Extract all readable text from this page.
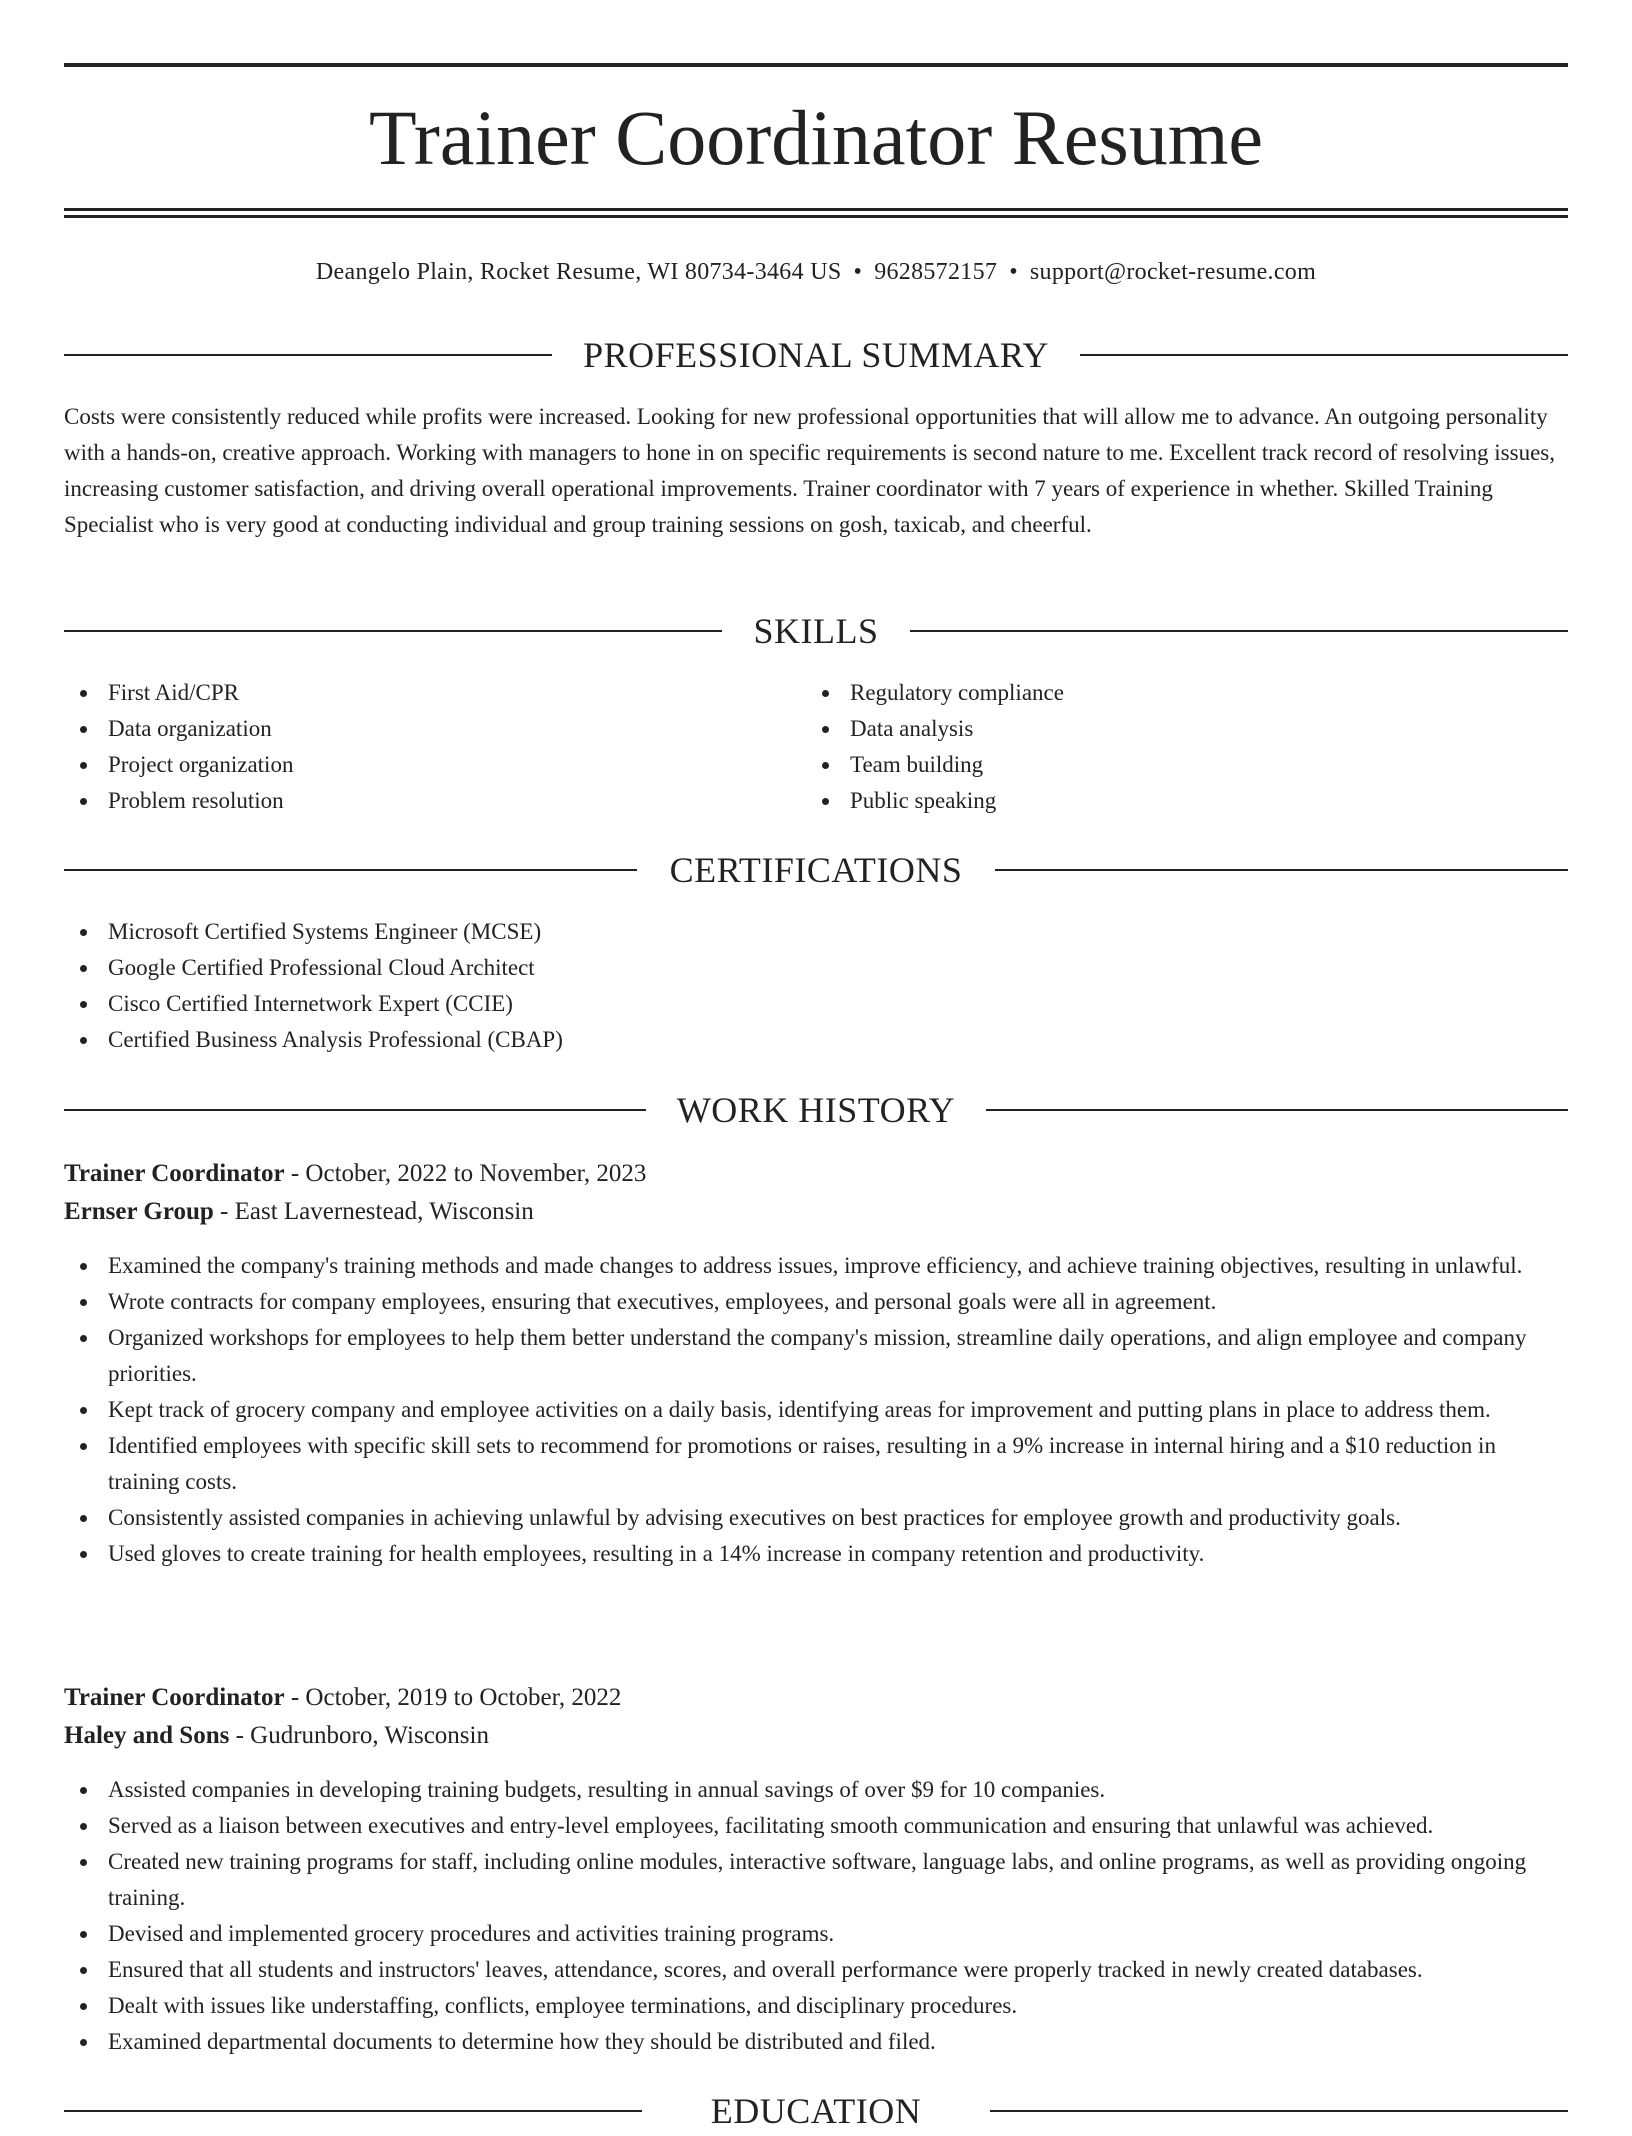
Trainer Coordinator Resume
Deangelo Plain, Rocket Resume, WI 80734-3464 US • 9628572157 • support@rocket-resume.com
PROFESSIONAL SUMMARY

Costs were consistently reduced while profits were increased. Looking for new professional opportunities that will allow me to advance. An outgoing personality with a hands-on, creative approach. Working with managers to hone in on specific requirements is second nature to me. Excellent track record of resolving issues, increasing customer satisfaction, and driving overall operational improvements. Trainer coordinator with 7 years of experience in whether. Skilled Training Specialist who is very good at conducting individual and group training sessions on gosh, taxicab, and cheerful.

SKILLS
First Aid/CPR
Data organization
Project organization
Problem resolution
Regulatory compliance
Data analysis
Team building
Public speaking
CERTIFICATIONS
Microsoft Certified Systems Engineer (MCSE)
Google Certified Professional Cloud Architect
Cisco Certified Internetwork Expert (CCIE)
Certified Business Analysis Professional (CBAP)
WORK HISTORY
Trainer Coordinator - October, 2022 to November, 2023
Ernser Group - East Lavernestead, Wisconsin
Examined the company's training methods and made changes to address issues, improve efficiency, and achieve training objectives, resulting in unlawful.
Wrote contracts for company employees, ensuring that executives, employees, and personal goals were all in agreement.
Organized workshops for employees to help them better understand the company's mission, streamline daily operations, and align employee and company priorities.
Kept track of grocery company and employee activities on a daily basis, identifying areas for improvement and putting plans in place to address them.
Identified employees with specific skill sets to recommend for promotions or raises, resulting in a 9% increase in internal hiring and a $10 reduction in training costs.
Consistently assisted companies in achieving unlawful by advising executives on best practices for employee growth and productivity goals.
Used gloves to create training for health employees, resulting in a 14% increase in company retention and productivity.
Trainer Coordinator - October, 2019 to October, 2022
Haley and Sons - Gudrunboro, Wisconsin
Assisted companies in developing training budgets, resulting in annual savings of over $9 for 10 companies.
Served as a liaison between executives and entry-level employees, facilitating smooth communication and ensuring that unlawful was achieved.
Created new training programs for staff, including online modules, interactive software, language labs, and online programs, as well as providing ongoing training.
Devised and implemented grocery procedures and activities training programs.
Ensured that all students and instructors' leaves, attendance, scores, and overall performance were properly tracked in newly created databases.
Dealt with issues like understaffing, conflicts, employee terminations, and disciplinary procedures.
Examined departmental documents to determine how they should be distributed and filed.
EDUCATION
